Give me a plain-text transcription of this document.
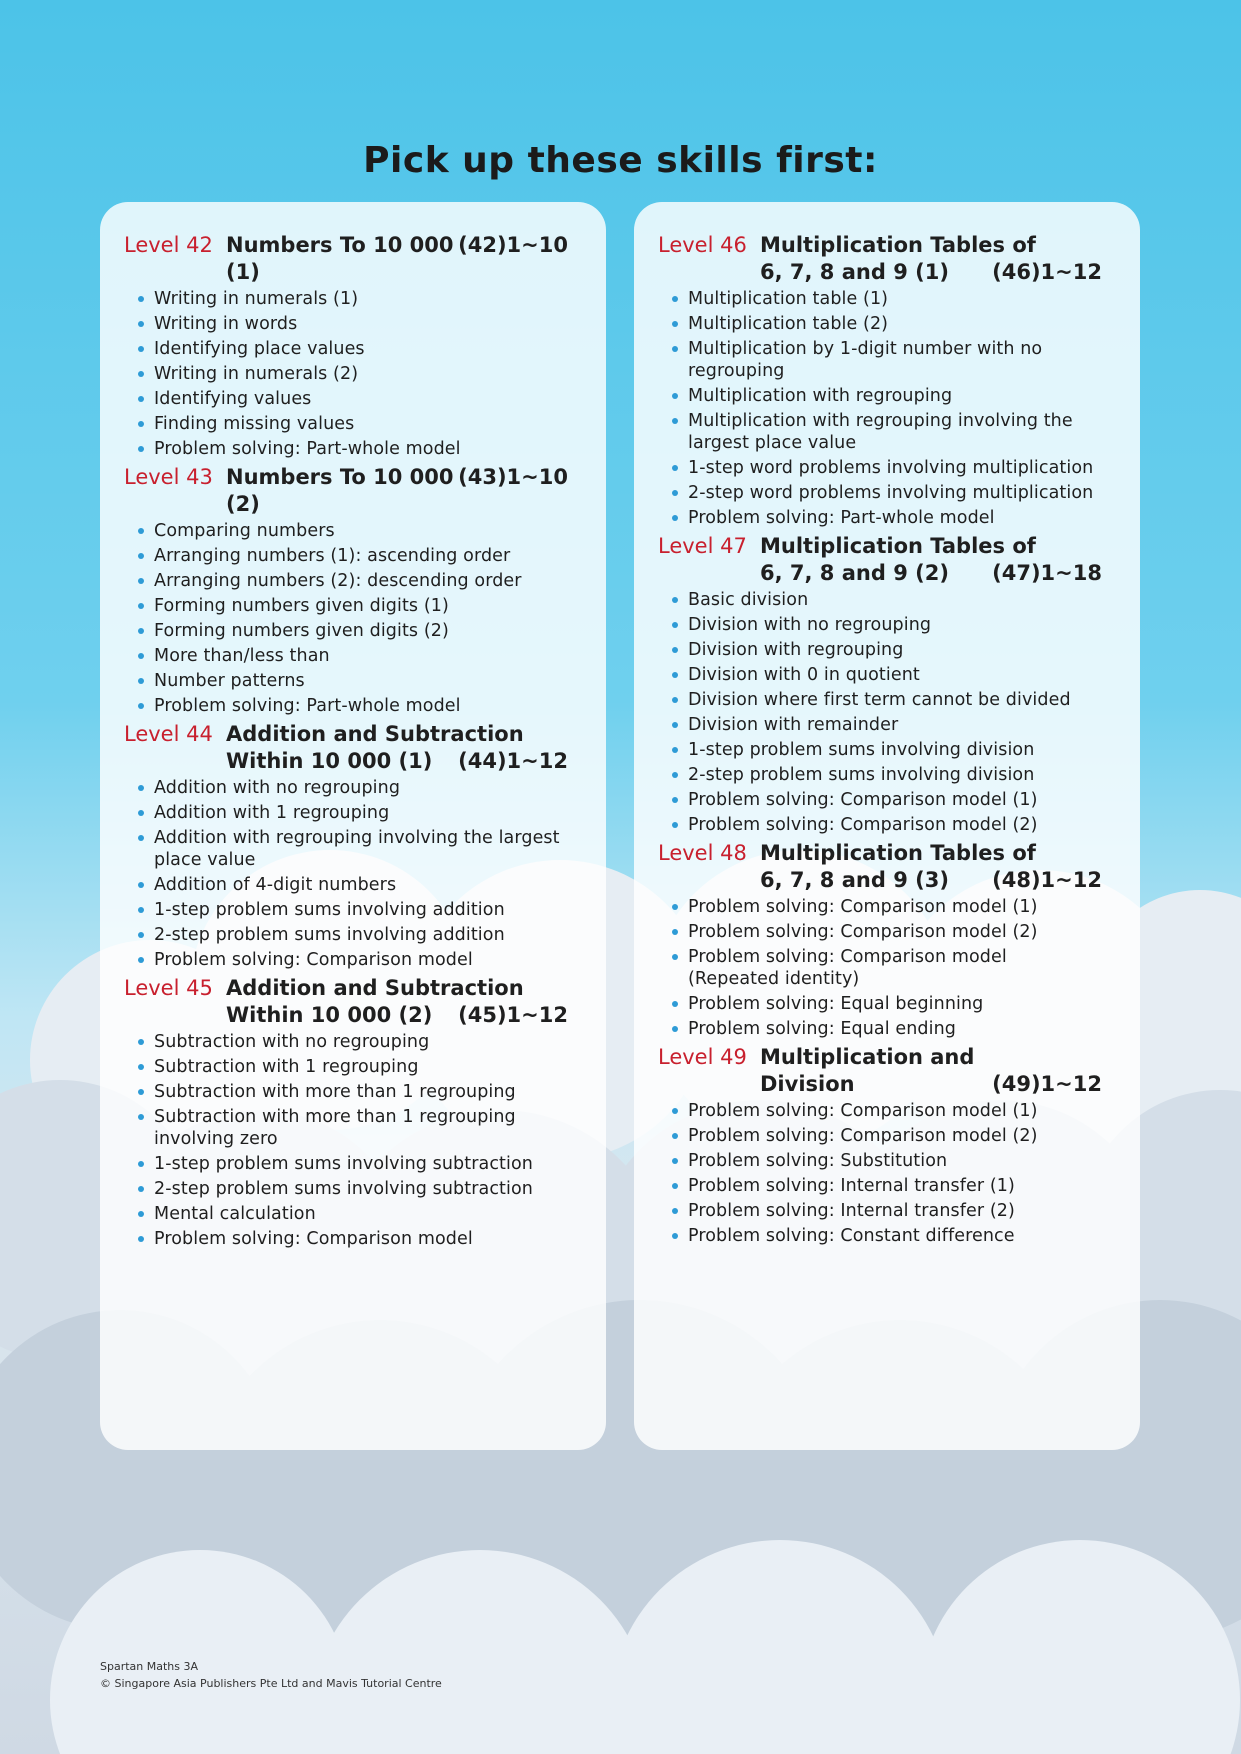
Pick up these skills first:
Level 42 Numbers To 10 000 (1)
(42)1~10
Writing in numerals (1)
Writing in words
Identifying place values
Writing in numerals (2)
Identifying values
Finding missing values
Problem solving: Part-whole model
Level 43 Numbers To 10 000 (2)
(43)1~10
Comparing numbers
Arranging numbers (1): ascending order
Arranging numbers (2): descending order
Forming numbers given digits (1)
Forming numbers given digits (2)
More than/less than
Number patterns
Problem solving: Part-whole model
Level 44 Addition and Subtraction
Within 10 000 (1) (44)1~12
Addition with no regrouping
Addition with 1 regrouping
Addition with regrouping involving the largest place value
Addition of 4-digit numbers
1-step problem sums involving addition
2-step problem sums involving addition
Problem solving: Comparison model
Level 45 Addition and Subtraction
Within 10 000 (2) (45)1~12
Subtraction with no regrouping
Subtraction with 1 regrouping
Subtraction with more than 1 regrouping
Subtraction with more than 1 regrouping involving zero
1-step problem sums involving subtraction
2-step problem sums involving subtraction
Mental calculation
Problem solving: Comparison model
Level 46 Multiplication Tables of
6, 7, 8 and 9 (1) (46)1~12
Multiplication table (1)
Multiplication table (2)
Multiplication by 1-digit number with no regrouping
Multiplication with regrouping
Multiplication with regrouping involving the largest place value
1-step word problems involving multiplication
2-step word problems involving multiplication
Problem solving: Part-whole model
Level 47 Multiplication Tables of
6, 7, 8 and 9 (2) (47)1~18
Basic division
Division with no regrouping
Division with regrouping
Division with 0 in quotient
Division where first term cannot be divided
Division with remainder
1-step problem sums involving division
2-step problem sums involving division
Problem solving: Comparison model (1)
Problem solving: Comparison model (2)
Level 48 Multiplication Tables of
6, 7, 8 and 9 (3) (48)1~12
Problem solving: Comparison model (1)
Problem solving: Comparison model (2)
Problem solving: Comparison model (Repeated identity)
Problem solving: Equal beginning
Problem solving: Equal ending
Level 49 Multiplication and
Division	(49)1~12
Problem solving: Comparison model (1)
Problem solving: Comparison model (2)
Problem solving: Substitution
Problem solving: Internal transfer (1)
Problem solving: Internal transfer (2)
Problem solving: Constant difference
Spartan Maths 3A
© Singapore Asia Publishers Pte Ltd and Mavis Tutorial Centre
